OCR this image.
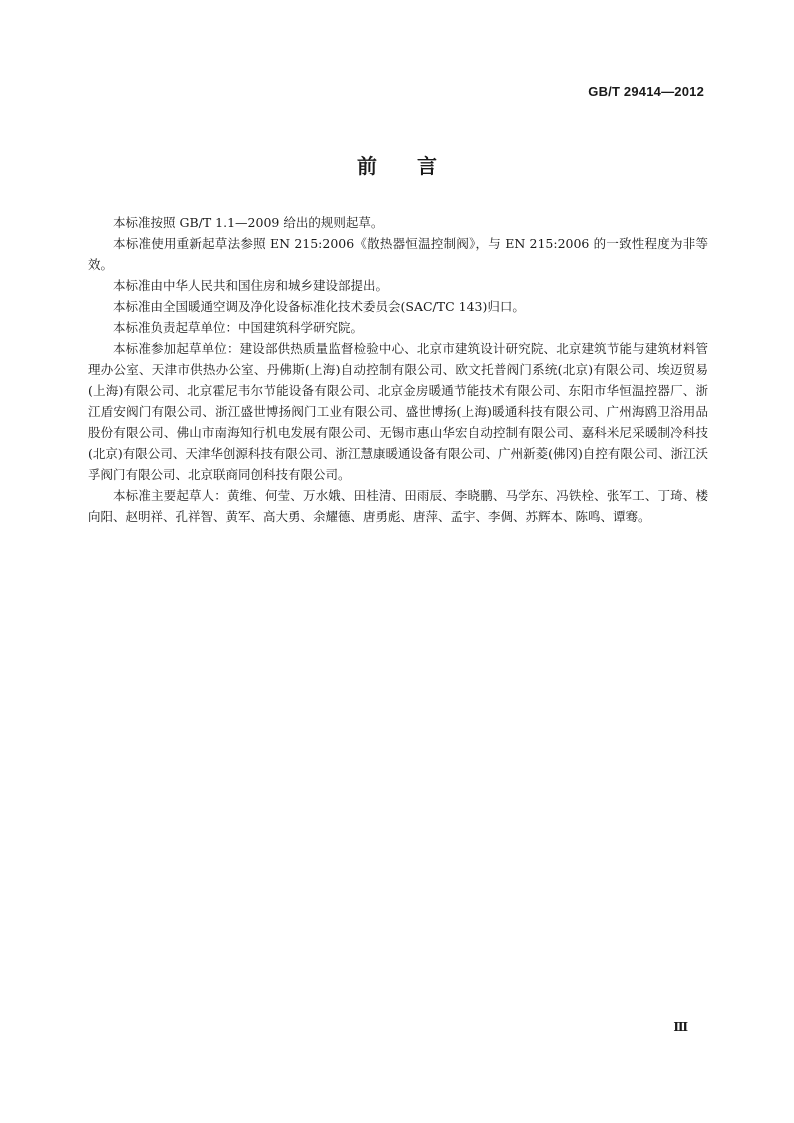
GB/T 29414—2012
前言

本标准按照 GB/T 1.1—2009 给出的规则起草。

本标准使用重新起草法参照 EN 215:2006《散热器恒温控制阀》，与 EN 215:2006 的一致性程度为非等效。

本标准由中华人民共和国住房和城乡建设部提出。

本标准由全国暖通空调及净化设备标准化技术委员会(SAC/TC 143)归口。

本标准负责起草单位：中国建筑科学研究院。

本标准参加起草单位：建设部供热质量监督检验中心、北京市建筑设计研究院、北京建筑节能与建筑材料管理办公室、天津市供热办公室、丹佛斯(上海)自动控制有限公司、欧文托普阀门系统(北京)有限公司、埃迈贸易(上海)有限公司、北京霍尼韦尔节能设备有限公司、北京金房暖通节能技术有限公司、东阳市华恒温控器厂、浙江盾安阀门有限公司、浙江盛世博扬阀门工业有限公司、盛世博扬(上海)暖通科技有限公司、广州海鸥卫浴用品股份有限公司、佛山市南海知行机电发展有限公司、无锡市惠山华宏自动控制有限公司、嘉科米尼采暖制冷科技(北京)有限公司、天津华创源科技有限公司、浙江慧康暖通设备有限公司、广州新菱(佛冈)自控有限公司、浙江沃孚阀门有限公司、北京联商同创科技有限公司。

本标准主要起草人：黄维、何莹、万水娥、田桂清、田雨辰、李晓鹏、马学东、冯铁栓、张军工、丁琦、楼向阳、赵明祥、孔祥智、黄军、高大勇、余耀德、唐勇彪、唐萍、孟宇、李倜、苏辉本、陈鸣、谭骞。

Ⅲ
